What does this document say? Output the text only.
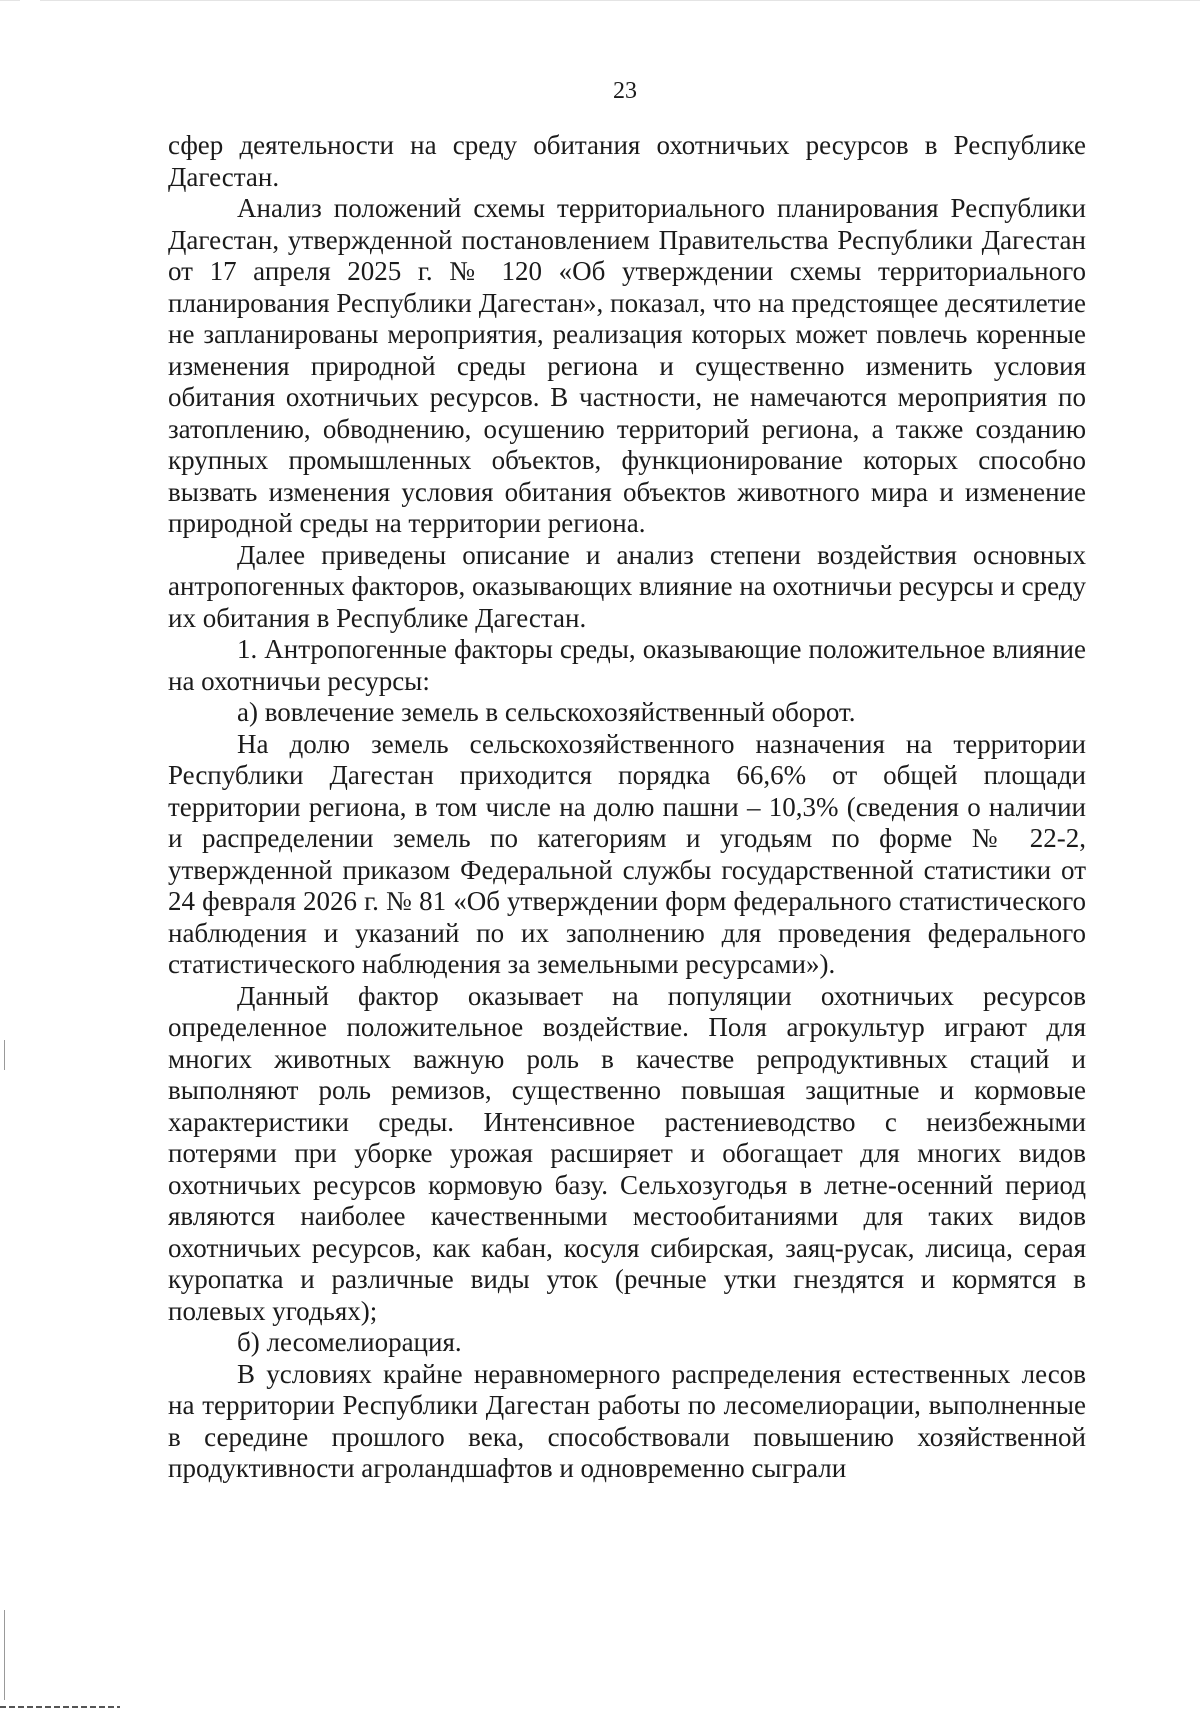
23

сфер деятельности на среду обитания охотничьих ресурсов в Республике Дагестан.

Анализ положений схемы территориального планирования Республики Дагестан, утвержденной постановлением Правительства Республики Дагестан от 17 апреля 2025 г. № 120 «Об утверждении схемы территориального планирования Республики Дагестан», показал, что на предстоящее десятилетие не запланированы мероприятия, реализация которых может повлечь коренные изменения природной среды региона и существенно изменить условия обитания охотничьих ресурсов. В частности, не намечаются мероприятия по затоплению, обводнению, осушению территорий региона, а также созданию крупных промышленных объектов, функционирование которых способно вызвать изменения условия обитания объектов животного мира и изменение природной среды на территории региона.

Далее приведены описание и анализ степени воздействия основных антропогенных факторов, оказывающих влияние на охотничьи ресурсы и среду их обитания в Республике Дагестан.

1. Антропогенные факторы среды, оказывающие положительное влияние на охотничьи ресурсы:

а) вовлечение земель в сельскохозяйственный оборот.

На долю земель сельскохозяйственного назначения на территории Республики Дагестан приходится порядка 66,6% от общей площади территории региона, в том числе на долю пашни – 10,3% (сведения о наличии и распределении земель по категориям и угодьям по форме № 22-2, утвержденной приказом Федеральной службы государственной статистики от 24 февраля 2026 г. № 81 «Об утверждении форм федерального статистического наблюдения и указаний по их заполнению для проведения федерального статистического наблюдения за земельными ресурсами»).

Данный фактор оказывает на популяции охотничьих ресурсов определенное положительное воздействие. Поля агрокультур играют для многих животных важную роль в качестве репродуктивных стаций и выполняют роль ремизов, существенно повышая защитные и кормовые характеристики среды. Интенсивное растениеводство с неизбежными потерями при уборке урожая расширяет и обогащает для многих видов охотничьих ресурсов кормовую базу. Сельхозугодья в летне-осенний период являются наиболее качественными местообитаниями для таких видов охотничьих ресурсов, как кабан, косуля сибирская, заяц-русак, лисица, серая куропатка и различные виды уток (речные утки гнездятся и кормятся в полевых угодьях);

б) лесомелиорация.

В условиях крайне неравномерного распределения естественных лесов на территории Республики Дагестан работы по лесомелиорации, выполненные в середине прошлого века, способствовали повышению хозяйственной продуктивности агроландшафтов и одновременно сыграли
